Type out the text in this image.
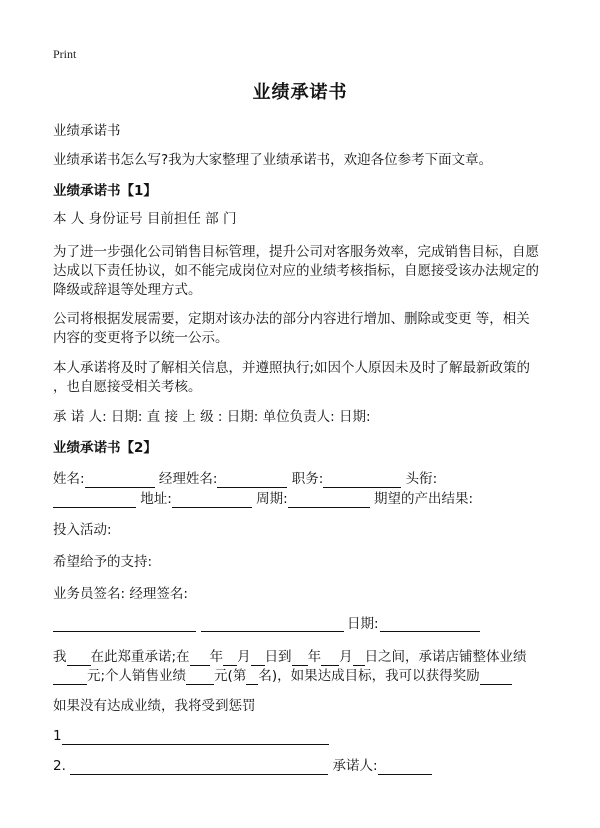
Print
业绩承诺书
业绩承诺书
业绩承诺书怎么写?我为大家整理了业绩承诺书，欢迎各位参考下面文章。
业绩承诺书【1】
本 人 身份证号 目前担任 部 门
为了进一步强化公司销售目标管理，提升公司对客服务效率，完成销售目标，自愿
达成以下责任协议，如不能完成岗位对应的业绩考核指标，自愿接受该办法规定的
降级或辞退等处理方式。
公司将根据发展需要，定期对该办法的部分内容进行增加、删除或变更 等，相关
内容的变更将予以统一公示。
本人承诺将及时了解相关信息，并遵照执行;如因个人原因未及时了解最新政策的
，也自愿接受相关考核。
承 诺 人: 日期: 直 接 上 级 : 日期: 单位负责人: 日期:
业绩承诺书【2】
姓名:	经理姓名:	职务:	头衔:
地址:	周期:	期望的产出结果:
投入活动:
希望给予的支持:
业务员签名: 经理签名:
日期:
我 在此郑重承诺;在 年 月 日到 年 月 日之间，承诺店铺整体业绩
元;个人销售业绩 元(第 名)，如果达成目标，我可以获得奖励
如果没有达成业绩，我将受到惩罚
1
2.	承诺人:
